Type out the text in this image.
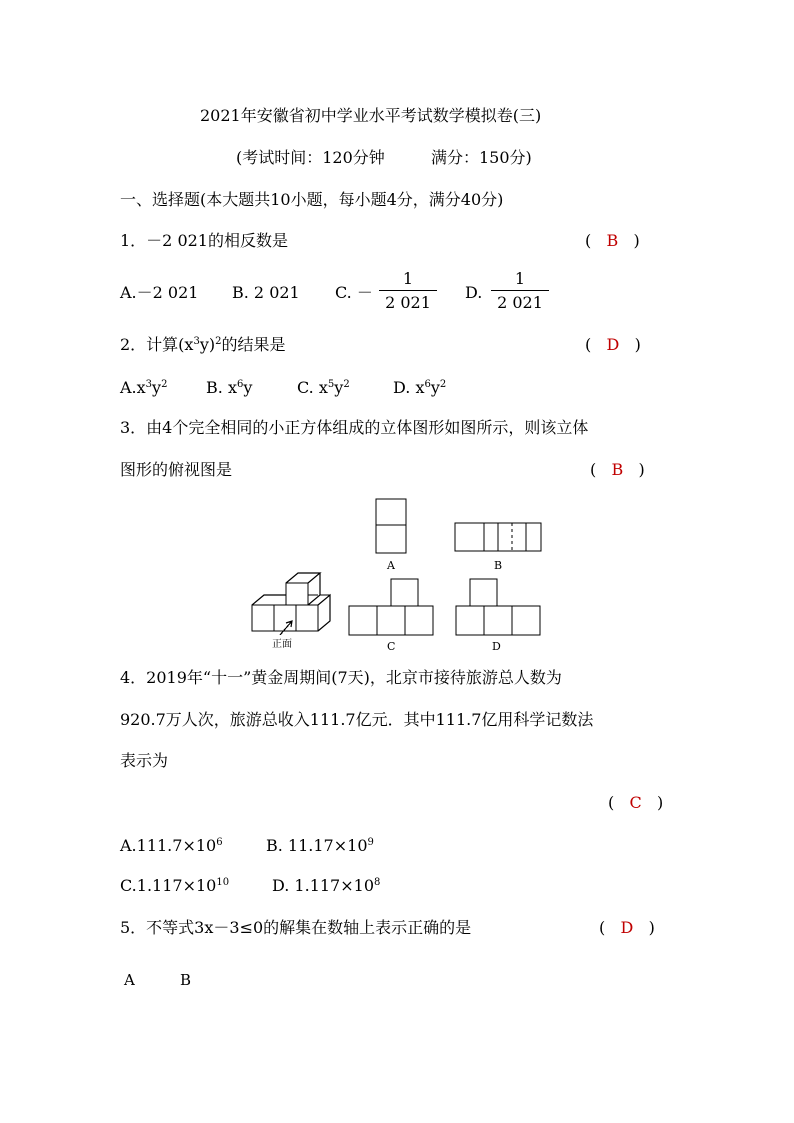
2021年安徽省初中学业水平考试数学模拟卷(三)
(考试时间：120分钟	满分：150分)
一、选择题(本大题共10小题，每小题4分，满分40分)
1．－2 021的相反数是	(   B   )
A.－2 021 B. 2 021 C. －
1
2 021
D.
1
2 021
2．计算$(x^3y)^2$的结果是	(   D   )
$A.x^3y^2$ B. $x^6y$	C. $x^5y^2$	D. $x^6y^2$
3．由4个完全相同的小正方体组成的立体图形如图所示，则该立体
图形的俯视图是	(   B   )
正面
A	B
C	D
4．2019年“十一”黄金周期间(7天)，北京市接待旅游总人数为
920.7万人次，旅游总收入111.7亿元．其中111.7亿用科学记数法
表示为
(   C   )
$A.111.7\times 10^6$	B. $11.17\times 10^9$
$C.1.117\times 10^{10}$	D. $1.117\times 10^8$
5．不等式3x－3≤0的解集在数轴上表示正确的是	(   D   )
A	B
